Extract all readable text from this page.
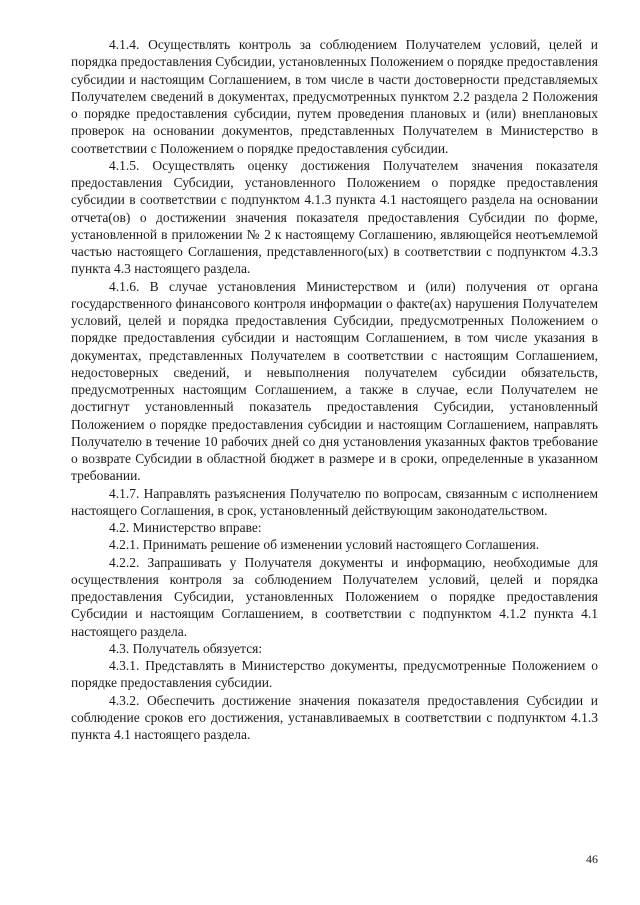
4.1.4. Осуществлять контроль за соблюдением Получателем условий, целей и порядка предоставления Субсидии, установленных Положением о порядке предоставления субсидии и настоящим Соглашением, в том числе в части достоверности представляемых Получателем сведений в документах, предусмотренных пунктом 2.2 раздела 2 Положения о порядке предоставления субсидии, путем проведения плановых и (или) внеплановых проверок на основании документов, представленных Получателем в Министерство в соответствии с Положением о порядке предоставления субсидии.

4.1.5. Осуществлять оценку достижения Получателем значения показателя предоставления Субсидии, установленного Положением о порядке предоставления субсидии в соответствии с подпунктом 4.1.3 пункта 4.1 настоящего раздела на основании отчета(ов) о достижении значения показателя предоставления Субсидии по форме, установленной в приложении № 2 к настоящему Соглашению, являющейся неотъемлемой частью настоящего Соглашения, представленного(ых) в соответствии с подпунктом 4.3.3 пункта 4.3 настоящего раздела.

4.1.6. В случае установления Министерством и (или) получения от органа государственного финансового контроля информации о факте(ах) нарушения Получателем условий, целей и порядка предоставления Субсидии, предусмотренных Положением о порядке предоставления субсидии и настоящим Соглашением, в том числе указания в документах, представленных Получателем в соответствии с настоящим Соглашением, недостоверных сведений, и невыполнения получателем субсидии обязательств, предусмотренных настоящим Соглашением, а также в случае, если Получателем не достигнут установленный показатель предоставления Субсидии, установленный Положением о порядке предоставления субсидии и настоящим Соглашением, направлять Получателю в течение 10 рабочих дней со дня установления указанных фактов требование о возврате Субсидии в областной бюджет в размере и в сроки, определенные в указанном требовании.

4.1.7. Направлять разъяснения Получателю по вопросам, связанным с исполнением настоящего Соглашения, в срок, установленный действующим законодательством.

4.2. Министерство вправе:

4.2.1. Принимать решение об изменении условий настоящего Соглашения.

4.2.2. Запрашивать у Получателя документы и информацию, необходимые для осуществления контроля за соблюдением Получателем условий, целей и порядка предоставления Субсидии, установленных Положением о порядке предоставления Субсидии и настоящим Соглашением, в соответствии с подпунктом 4.1.2 пункта 4.1 настоящего раздела.

4.3. Получатель обязуется:

4.3.1. Представлять в Министерство документы, предусмотренные Положением о порядке предоставления субсидии.

4.3.2. Обеспечить достижение значения показателя предоставления Субсидии и соблюдение сроков его достижения, устанавливаемых в соответствии с подпунктом 4.1.3 пункта 4.1 настоящего раздела.

46
